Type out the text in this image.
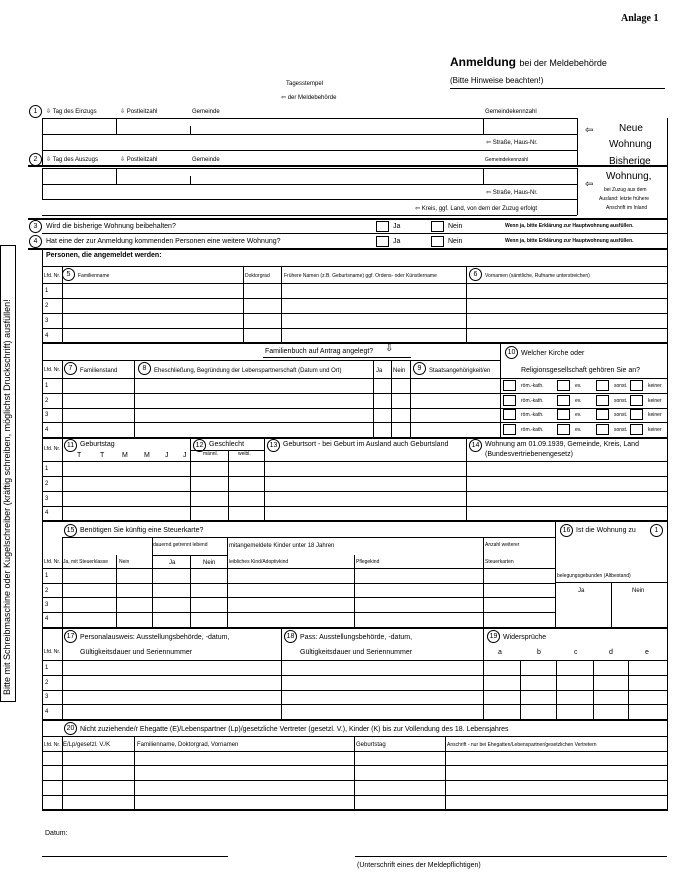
Anlage 1
Anmeldung bei der Meldebehörde
(Bitte Hinweise beachten!)
Tagesstempel
⇦ der Meldebehörde
Bitte mit Schreibmaschine oder Kugelschreiber (kräftig schreiben, möglichst Druckschrift) ausfüllen!
1	⇩ Tag des Einzugs	⇩ Postleitzahl	Gemeinde	Gemeindekennzahl
⇦ Straße, Haus-Nr.
Neue
Wohnung
⇦
2	⇩ Tag des Auszugs	⇩ Postleitzahl	Gemeinde	Gemeindekennzahl
⇦ Straße, Haus-Nr.
⇦ Kreis, ggf. Land, von dem der Zuzug erfolgt
Bisherige
Wohnung,
bei Zuzug aus dem
Ausland: letzte frühere
Anschrift im Inland
⇦
3	Wird die bisherige Wohnung beibehalten?	Ja	Nein	Wenn ja, bitte Erklärung zur Hauptwohnung ausfüllen.
4	Hat eine der zur Anmeldung kommenden Personen eine weitere Wohnung?	Ja	Nein	Wenn ja, bitte Erklärung zur Hauptwohnung ausfüllen.
Personen, die angemeldet werden:
Lfd. Nr. 5	Familienname	Doktorgrad	Frühere Namen (z.B. Geburtsname) ggf. Ordens- oder Künstlername	6	Vornamen (sämtliche, Rufname unterstreichen)
1
2
3
4
Familienbuch auf Antrag angelegt? ⇩	10 Welcher Kirche oder
Lfd. Nr.	7	Familienstand	8	Eheschließung, Begründung der Lebenspartnerschaft (Datum und Ort)	Ja Nein	9	Staatsangehörigkeit/en	Religionsgesellschaft gehören Sie an?
1
2
3
4
röm.-kath.	ev.	sonst.	keiner
röm.-kath.	ev.	sonst.	keiner
röm.-kath.	ev.	sonst.	keiner
röm.-kath.	ev.	sonst.	keiner
Lfd. Nr. 11 Geburtstag
T	T	M M J J
12 Geschlecht
männl.	weibl.
13 Geburtsort - bei Geburt im Ausland auch Geburtsland	14 Wohnung am 01.09.1939, Gemeinde, Kreis, Land
(Bundesvertriebenengesetz)
1
2
3
4
15 Benötigen Sie künftig eine Steuerkarte?
dauernd getrennt lebend	mitangemeldete Kinder unter 18 Jahren	Anzahl weiterer
Steuerkarten
16 Ist die Wohnung zu	1
Lfd. Nr. Ja, mit Steuerklasse Nein	Ja	Nein	leibliches Kind/Adoptivkind	Pflegekind
belegungsgebunden (Altbestand)
Ja	Nein
1
2
3
4
17 Personalausweis: Ausstellungsbehörde, -datum,
Gültigkeitsdauer und Seriennummer
18 Pass: Ausstellungsbehörde, -datum,
Gültigkeitsdauer und Seriennummer
19 Widersprüche
a	b	c	d	e
Lfd. Nr.
1
2
3
4
20 Nicht zuziehende/r Ehegatte (E)/Lebenspartner (Lp)/gesetzliche Vertreter (gesetzl. V.), Kinder (K) bis zur Vollendung des 18. Lebensjahres
Lfd. Nr. E/Lp/gesetzl. V./K	Familienname, Doktorgrad, Vornamen	Geburtstag	Anschrift - nur bei Ehegatten/Lebenspartner/gesetzlichen Vertretern
Datum:
(Unterschrift eines der Meldepflichtigen)
